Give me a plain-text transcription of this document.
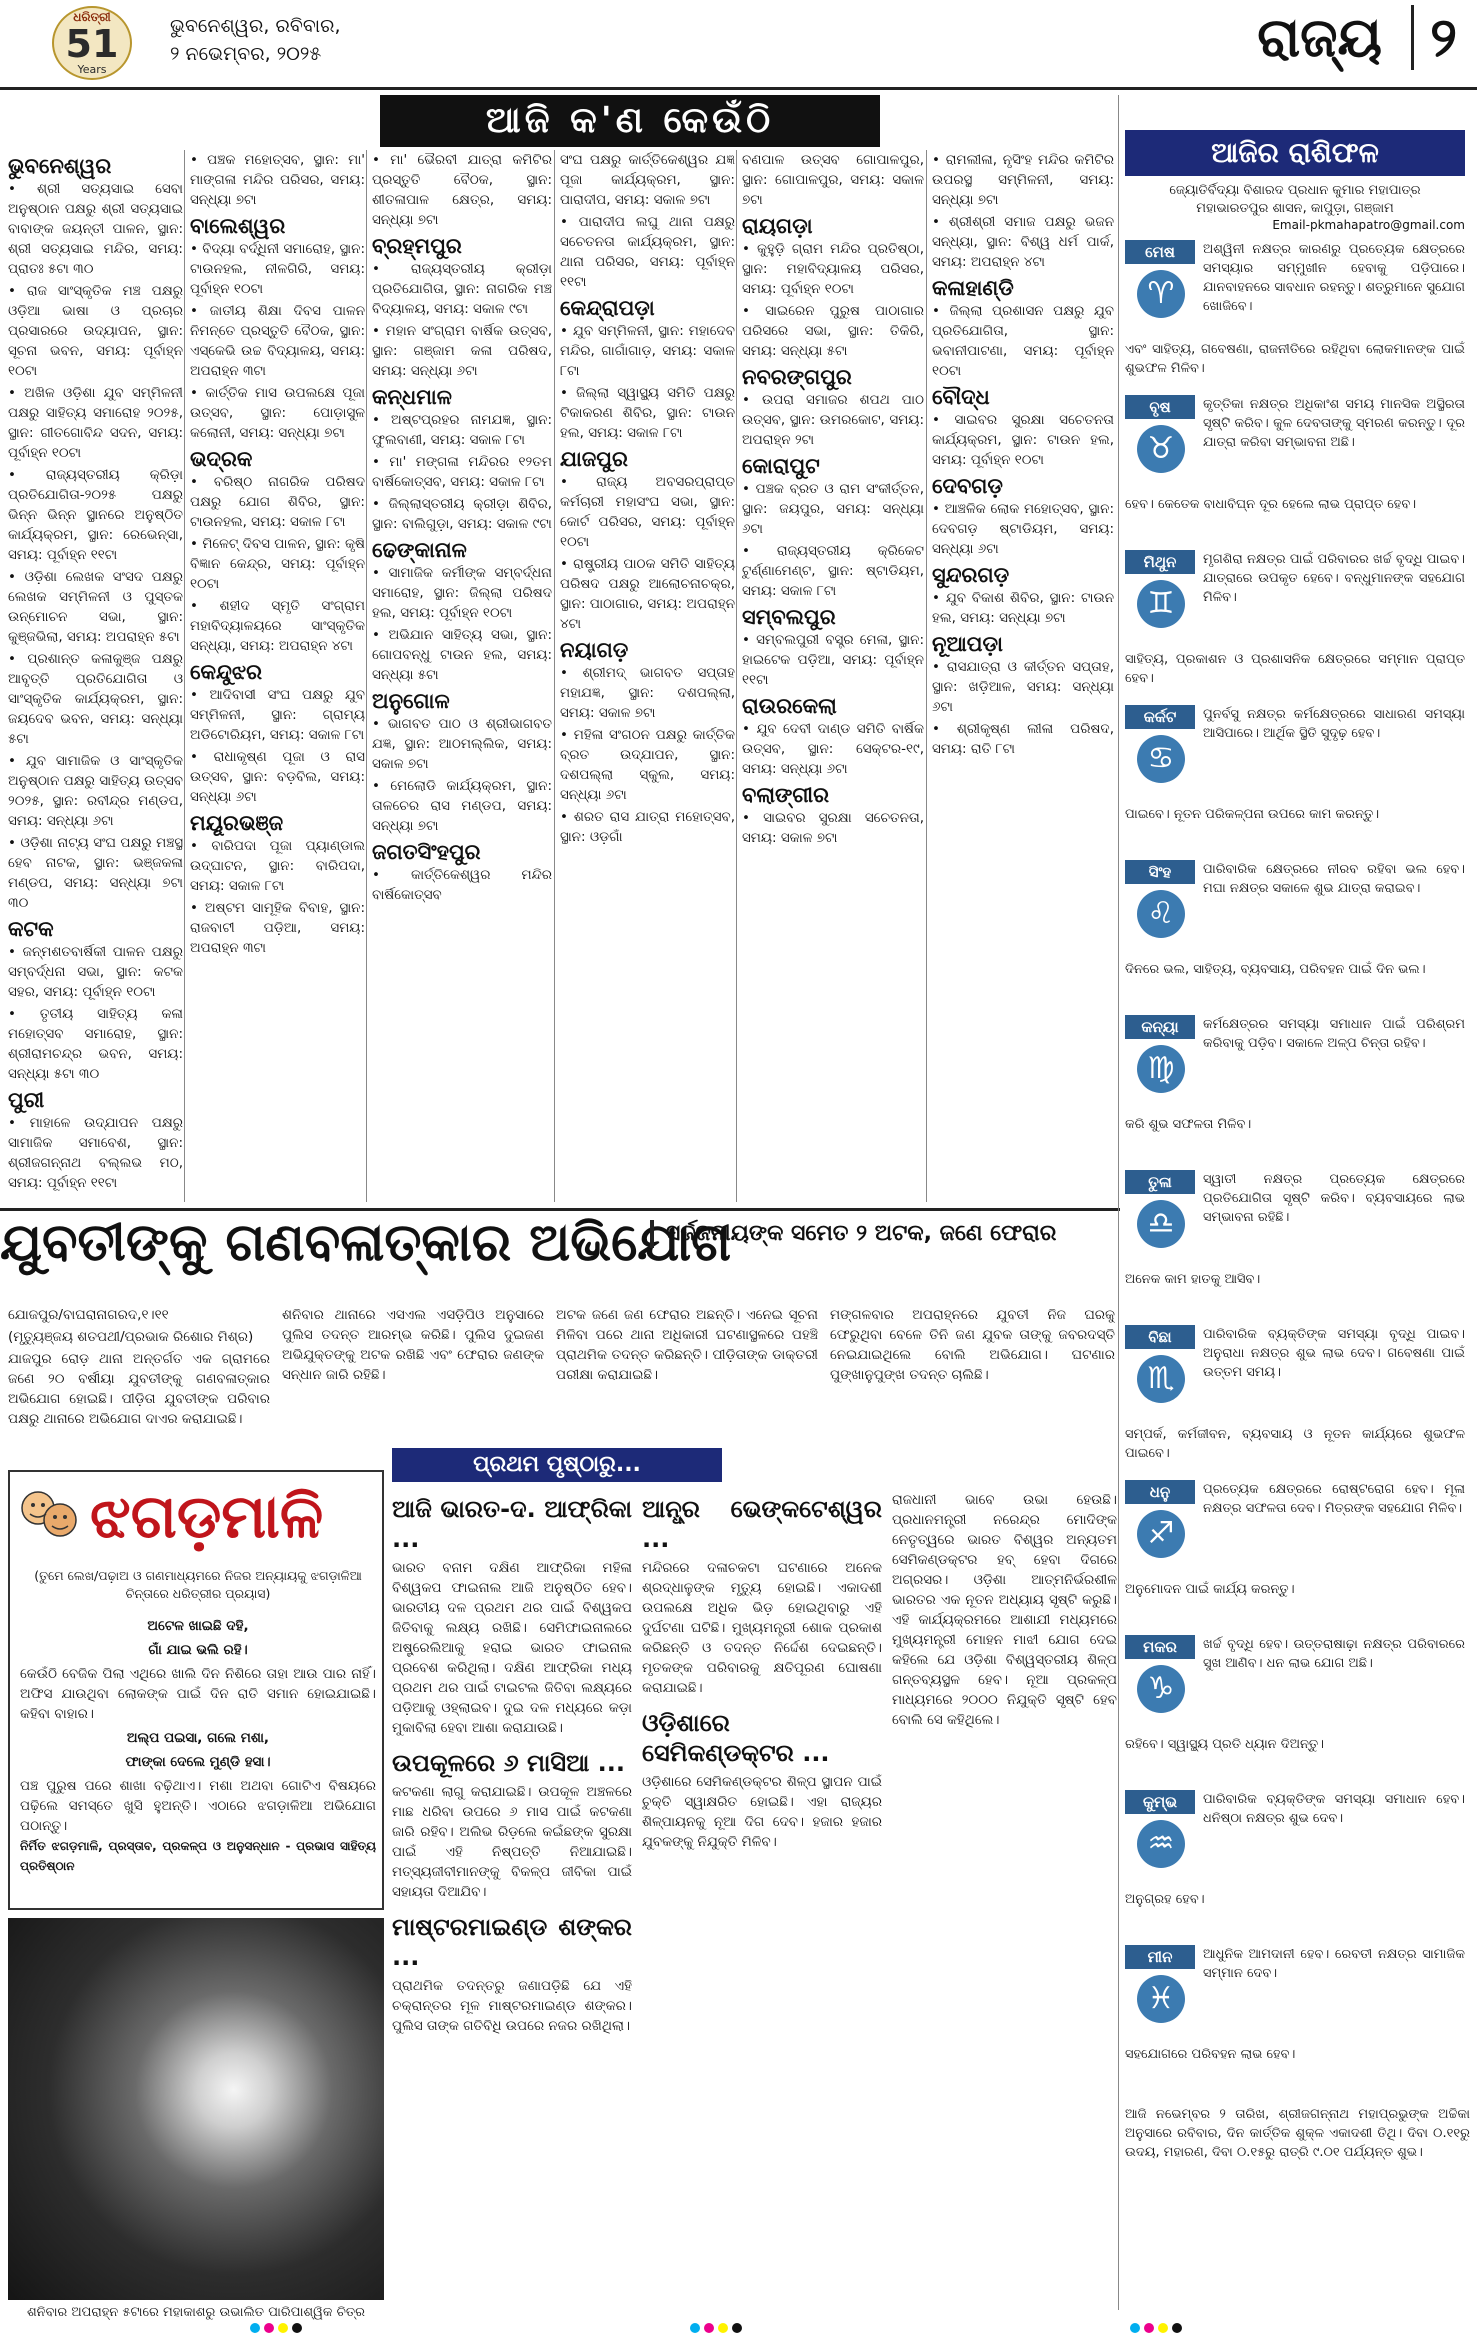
ଧରିତ୍ରୀ
51
Years
ଭୁବନେଶ୍ୱର, ରବିବାର,
୨ ନଭେମ୍ବର, ୨୦୨୫	ରାଜ୍ୟ ୨
ଆଜି କ'ଣ କେଉଁଠି
ଭୁବନେଶ୍ୱର

• ଶ୍ରୀ ସତ୍ୟସାଇ ସେବା ଅନୁଷ୍ଠାନ ପକ୍ଷରୁ ଶ୍ରୀ ସତ୍ୟସାଇ ବାବାଙ୍କ ଜୟନ୍ତୀ ପାଳନ, ସ୍ଥାନ: ଶ୍ରୀ ସତ୍ୟସାଇ ମନ୍ଦିର, ସମୟ: ପ୍ରାତଃ ୫ଟା ୩୦

• ରାଜ ସାଂସ୍କୃତିକ ମଞ୍ଚ ପକ୍ଷରୁ ଓଡ଼ିଆ ଭାଷା ଓ ପ୍ରଚାର ପ୍ରସାରରେ ଉଦ୍ୟାପନ, ସ୍ଥାନ: ସୂଚନା ଭବନ, ସମୟ: ପୂର୍ବାହ୍ନ ୧୦ଟା

• ଅଖିଳ ଓଡ଼ିଶା ଯୁବ ସମ୍ମିଳନୀ ପକ୍ଷରୁ ସାହିତ୍ୟ ସମାରୋହ ୨୦୨୫, ସ୍ଥାନ: ଗୀତଗୋବିନ୍ଦ ସଦନ, ସମୟ: ପୂର୍ବାହ୍ନ ୧୦ଟା

• ରାଜ୍ୟସ୍ତରୀୟ କ୍ରିଡ଼ା ପ୍ରତିଯୋଗିତା-୨୦୨୫ ପକ୍ଷରୁ ଭିନ୍ନ ଭିନ୍ନ ସ୍ଥାନରେ ଅନୁଷ୍ଠିତ କାର୍ଯ୍ୟକ୍ରମ, ସ୍ଥାନ: ରେଭେନ୍ସା, ସମୟ: ପୂର୍ବାହ୍ନ ୧୧ଟା

• ଓଡ଼ିଶା ଲେଖକ ସଂସଦ ପକ୍ଷରୁ ଲେଖକ ସମ୍ମିଳନୀ ଓ ପୁସ୍ତକ ଉନ୍ମୋଚନ ସଭା, ସ୍ଥାନ: କୁଞ୍ଜଭିଲା, ସମୟ: ଅପରାହ୍ନ ୫ଟା

• ପ୍ରଶାନ୍ତ କଳାକୁଞ୍ଜ ପକ୍ଷରୁ ଆବୃତ୍ତି ପ୍ରତିଯୋଗିତା ଓ ସାଂସ୍କୃତିକ କାର୍ଯ୍ୟକ୍ରମ, ସ୍ଥାନ: ଜୟଦେବ ଭବନ, ସମୟ: ସନ୍ଧ୍ୟା ୫ଟା

• ଯୁବ ସାମାଜିକ ଓ ସାଂସ୍କୃତିକ ଅନୁଷ୍ଠାନ ପକ୍ଷରୁ ସାହିତ୍ୟ ଉତ୍ସବ ୨୦୨୫, ସ୍ଥାନ: ରବୀନ୍ଦ୍ର ମଣ୍ଡପ, ସମୟ: ସନ୍ଧ୍ୟା ୬ଟା

• ଓଡ଼ିଶା ନାଟ୍ୟ ସଂଘ ପକ୍ଷରୁ ମଞ୍ଚସ୍ଥ ହେବ ନାଟକ, ସ୍ଥାନ: ଭଞ୍ଜକଳା ମଣ୍ଡପ, ସମୟ: ସନ୍ଧ୍ୟା ୭ଟା ୩୦

କଟକ

• ଜନ୍ମଶତବାର୍ଷିକୀ ପାଳନ ପକ୍ଷରୁ ସମ୍ବର୍ଦ୍ଧନା ସଭା, ସ୍ଥାନ: କଟକ ସହର, ସମୟ: ପୂର୍ବାହ୍ନ ୧୦ଟା

• ତୃତୀୟ ସାହିତ୍ୟ କଳା ମହୋତ୍ସବ ସମାରୋହ, ସ୍ଥାନ: ଶ୍ରୀରାମଚନ୍ଦ୍ର ଭବନ, ସମୟ: ସନ୍ଧ୍ୟା ୫ଟା ୩୦

ପୁରୀ

• ମାହାଳେ ଉଦ୍‌ଯାପନ ପକ୍ଷରୁ ସାମାଜିକ ସମାବେଶ, ସ୍ଥାନ: ଶ୍ରୀଜଗନ୍ନାଥ ବଲ୍ଲଭ ମଠ, ସମୟ: ପୂର୍ବାହ୍ନ ୧୧ଟା

• ପଞ୍ଚକ ମହୋତ୍ସବ, ସ୍ଥାନ: ମା' ମାଙ୍ଗଳା ମନ୍ଦିର ପରିସର, ସମୟ: ସନ୍ଧ୍ୟା ୭ଟା

ବାଲେଶ୍ୱର

• ବିଦ୍ୟା ବର୍ଦ୍ଧିନୀ ସମାରୋହ, ସ୍ଥାନ: ଟାଉନହଲ, ନୀଳଗିରି, ସମୟ: ପୂର୍ବାହ୍ନ ୧୦ଟା

• ଜାତୀୟ ଶିକ୍ଷା ଦିବସ ପାଳନ ନିମନ୍ତେ ପ୍ରସ୍ତୁତି ବୈଠକ, ସ୍ଥାନ: ଏସ୍‌କେଭି ଉଚ୍ଚ ବିଦ୍ୟାଳୟ, ସମୟ: ଅପରାହ୍ନ ୩ଟା

• କାର୍ତ୍ତିକ ମାସ ଉପଲକ୍ଷେ ପୂଜା ଉତ୍ସବ, ସ୍ଥାନ: ପୋଡ଼ାସୁଳ କଲୋନୀ, ସମୟ: ସନ୍ଧ୍ୟା ୭ଟା

ଭଦ୍ରକ

• ବରିଷ୍ଠ ନାଗରିକ ପରିଷଦ ପକ୍ଷରୁ ଯୋଗ ଶିବିର, ସ୍ଥାନ: ଟାଉନହଲ, ସମୟ: ସକାଳ ୮ଟା

• ମିଳେଟ୍ ଦିବସ ପାଳନ, ସ୍ଥାନ: କୃଷି ବିଜ୍ଞାନ କେନ୍ଦ୍ର, ସମୟ: ପୂର୍ବାହ୍ନ ୧୦ଟା

• ଶହୀଦ ସ୍ମୃତି ସଂଗ୍ରାମ ମହାବିଦ୍ୟାଳୟରେ ସାଂସ୍କୃତିକ ସନ୍ଧ୍ୟା, ସମୟ: ଅପରାହ୍ନ ୪ଟା

କେନ୍ଦୁଝର

• ଆଦିବାସୀ ସଂଘ ପକ୍ଷରୁ ଯୁବ ସମ୍ମିଳନୀ, ସ୍ଥାନ: ଗ୍ରାମ୍ୟ ଅଡିଟୋରିୟମ, ସମୟ: ସକାଳ ୮ଟା

• ରାଧାକୃଷ୍ଣ ପୂଜା ଓ ରାସ ଉତ୍ସବ, ସ୍ଥାନ: ବଡ଼ବିଲ, ସମୟ: ସନ୍ଧ୍ୟା ୬ଟା

ମୟୂରଭଞ୍ଜ

• ବାରିପଦା ପୂଜା ପ୍ୟାଣ୍ଡାଲ ଉଦ୍‌ଘାଟନ, ସ୍ଥାନ: ବାରିପଦା, ସମୟ: ସକାଳ ୮ଟା

• ଅଷ୍ଟମ ସାମୂହିକ ବିବାହ, ସ୍ଥାନ: ରାଜବାଟୀ ପଡ଼ିଆ, ସମୟ: ଅପରାହ୍ନ ୩ଟା

• ମା' ଭୈରବୀ ଯାତ୍ରା କମିଟିର ପ୍ରସ୍ତୁତି ବୈଠକ, ସ୍ଥାନ: ଶୀତଳାପାଳ କ୍ଷେତ୍ର, ସମୟ: ସନ୍ଧ୍ୟା ୭ଟା

ବ୍ରହ୍ମପୁର

• ରାଜ୍ୟସ୍ତରୀୟ କ୍ରୀଡ଼ା ପ୍ରତିଯୋଗିତା, ସ୍ଥାନ: ନାଗରିକ ମଞ୍ଚ ବିଦ୍ୟାଳୟ, ସମୟ: ସକାଳ ୯ଟା

• ମହାନ ସଂଗ୍ରାମ ବାର୍ଷିକ ଉତ୍ସବ, ସ୍ଥାନ: ଗଞ୍ଜାମ କଳା ପରିଷଦ, ସମୟ: ସନ୍ଧ୍ୟା ୬ଟା

କନ୍ଧମାଳ

• ଅଷ୍ଟପ୍ରହର ନାମଯଜ୍ଞ, ସ୍ଥାନ: ଫୁଲବାଣୀ, ସମୟ: ସକାଳ ୮ଟା

• ମା' ମଙ୍ଗଳା ମନ୍ଦିରର ୧୨ତମ ବାର୍ଷିକୋତ୍ସବ, ସମୟ: ସକାଳ ୮ଟା

• ଜିଲ୍ଲାସ୍ତରୀୟ କ୍ରୀଡ଼ା ଶିବିର, ସ୍ଥାନ: ବାଲିଗୁଡ଼ା, ସମୟ: ସକାଳ ୯ଟା

ଢେଙ୍କାନାଳ

• ସାମାଜିକ କର୍ମୀଙ୍କ ସମ୍ବର୍ଦ୍ଧନା ସମାରୋହ, ସ୍ଥାନ: ଜିଲ୍ଲା ପରିଷଦ ହଲ, ସମୟ: ପୂର୍ବାହ୍ନ ୧୦ଟା

• ଅଭିଯାନ ସାହିତ୍ୟ ସଭା, ସ୍ଥାନ: ଗୋପବନ୍ଧୁ ଟାଉନ ହଲ, ସମୟ: ସନ୍ଧ୍ୟା ୫ଟା

ଅନୁଗୋଳ

• ଭାଗବତ ପାଠ ଓ ଶ୍ରୀଭାଗବତ ଯଜ୍ଞ, ସ୍ଥାନ: ଆଠମଲ୍ଲିକ, ସମୟ: ସକାଳ ୭ଟା

• ମେଲୋଡି କାର୍ଯ୍ୟକ୍ରମ, ସ୍ଥାନ: ତାଳଚେର ରାସ ମଣ୍ଡପ, ସମୟ: ସନ୍ଧ୍ୟା ୭ଟା

ଜଗତସିଂହପୁର

• କାର୍ତ୍ତିକେଶ୍ୱର ମନ୍ଦିର ବାର୍ଷିକୋତ୍ସବ

ସଂଘ ପକ୍ଷରୁ କାର୍ତ୍ତିକେଶ୍ୱର ଯଜ୍ଞ ପୂଜା କାର୍ଯ୍ୟକ୍ରମ, ସ୍ଥାନ: ପାରାଦୀପ, ସମୟ: ସକାଳ ୭ଟା

• ପାରାଦୀପ ଲଘୁ ଥାନା ପକ୍ଷରୁ ସଚେତନତା କାର୍ଯ୍ୟକ୍ରମ, ସ୍ଥାନ: ଥାନା ପରିସର, ସମୟ: ପୂର୍ବାହ୍ନ ୧୧ଟା

କେନ୍ଦ୍ରାପଡ଼ା

• ଯୁବ ସମ୍ମିଳନୀ, ସ୍ଥାନ: ମହାଦେବ ମନ୍ଦିର, ଗାଗାଁଗାଡ଼, ସମୟ: ସକାଳ ୮ଟା

• ଜିଲ୍ଲା ସ୍ୱାସ୍ଥ୍ୟ ସମିତି ପକ୍ଷରୁ ଟିକାକରଣ ଶିବିର, ସ୍ଥାନ: ଟାଉନ ହଲ, ସମୟ: ସକାଳ ୮ଟା

ଯାଜପୁର

• ରାଜ୍ୟ ଅବସରପ୍ରାପ୍ତ କର୍ମଚାରୀ ମହାସଂଘ ସଭା, ସ୍ଥାନ: କୋର୍ଟ ପରିସର, ସମୟ: ପୂର୍ବାହ୍ନ ୧୦ଟା

• ରାଷ୍ଟ୍ରୀୟ ପାଠକ ସମିତି ସାହିତ୍ୟ ପରିଷଦ ପକ୍ଷରୁ ଆଲୋଚନାଚକ୍ର, ସ୍ଥାନ: ପାଠାଗାର, ସମୟ: ଅପରାହ୍ନ ୪ଟା

ନୟାଗଡ଼

• ଶ୍ରୀମଦ୍ ଭାଗବତ ସପ୍ତାହ ମହାଯଜ୍ଞ, ସ୍ଥାନ: ଦଶପଲ୍ଲା, ସମୟ: ସକାଳ ୭ଟା

• ମହିଳା ସଂଗଠନ ପକ୍ଷରୁ କାର୍ତ୍ତିକ ବ୍ରତ ଉଦ୍‌ଯାପନ, ସ୍ଥାନ: ଦଶପଲ୍ଲା ସ୍କୁଲ, ସମୟ: ସନ୍ଧ୍ୟା ୬ଟା

• ଶରତ ରାସ ଯାତ୍ରା ମହୋତ୍ସବ, ସ୍ଥାନ: ଓଡ଼ଗାଁ

ବଣପାଳ ଉତ୍ସବ ଗୋପାଳପୁର, ସ୍ଥାନ: ଗୋପାଳପୁର, ସମୟ: ସକାଳ ୭ଟା

ରାୟଗଡ଼ା

• କୁହୁଡ଼ି ଗ୍ରାମ ମନ୍ଦିର ପ୍ରତିଷ୍ଠା, ସ୍ଥାନ: ମହାବିଦ୍ୟାଳୟ ପରିସର, ସମୟ: ପୂର୍ବାହ୍ନ ୧୦ଟା

• ସାଇରେନ ପୁରୁଷ ପାଠାଗାର ପରିସରେ ସଭା, ସ୍ଥାନ: ତିକିରି, ସମୟ: ସନ୍ଧ୍ୟା ୫ଟା

ନବରଙ୍ଗପୁର

• ଉପରା ସମାଜର ଶପଥ ପାଠ ଉତ୍ସବ, ସ୍ଥାନ: ଉମରକୋଟ, ସମୟ: ଅପରାହ୍ନ ୨ଟା

କୋରାପୁଟ

• ପଞ୍ଚକ ବ୍ରତ ଓ ରାମ ସଂକୀର୍ତ୍ତନ, ସ୍ଥାନ: ଜୟପୁର, ସମୟ: ସନ୍ଧ୍ୟା ୬ଟା

• ରାଜ୍ୟସ୍ତରୀୟ କ୍ରିକେଟ ଟୁର୍ଣ୍ଣାମେଣ୍ଟ, ସ୍ଥାନ: ଷ୍ଟାଡିୟମ, ସମୟ: ସକାଳ ୮ଟା

ସମ୍ବଲପୁର

• ସମ୍ବଲପୁରୀ ବସ୍ତ୍ର ମେଳା, ସ୍ଥାନ: ହାଇଟେକ ପଡ଼ିଆ, ସମୟ: ପୂର୍ବାହ୍ନ ୧୧ଟା

ରାଉରକେଲା

• ଯୁବ ଦେବୀ ଦାଣ୍ଡ ସମିତି ବାର୍ଷିକ ଉତ୍ସବ, ସ୍ଥାନ: ସେକ୍ଟର-୧୯, ସମୟ: ସନ୍ଧ୍ୟା ୬ଟା

ବଲାଙ୍ଗୀର

• ସାଇବର ସୁରକ୍ଷା ସଚେତନତା, ସମୟ: ସକାଳ ୭ଟା

• ରାମଲୀଳା, ନୃସିଂହ ମନ୍ଦିର କମିଟିର ଉପରସ୍ଥ ସମ୍ମିଳନୀ, ସମୟ: ସନ୍ଧ୍ୟା ୭ଟା

• ଶ୍ରୀଶ୍ରୀ ସମାଜ ପକ୍ଷରୁ ଭଜନ ସନ୍ଧ୍ୟା, ସ୍ଥାନ: ବିଶ୍ୱ ଧର୍ମ ପାର୍କ, ସମୟ: ଅପରାହ୍ନ ୪ଟା

କଳାହାଣ୍ଡି

• ଜିଲ୍ଲା ପ୍ରଶାସନ ପକ୍ଷରୁ ଯୁବ ପ୍ରତିଯୋଗିତା, ସ୍ଥାନ: ଭବାନୀପାଟଣା, ସମୟ: ପୂର୍ବାହ୍ନ ୧୦ଟା

ବୌଦ୍ଧ

• ସାଇବର ସୁରକ୍ଷା ସଚେତନତା କାର୍ଯ୍ୟକ୍ରମ, ସ୍ଥାନ: ଟାଉନ ହଲ, ସମୟ: ପୂର୍ବାହ୍ନ ୧୦ଟା

ଦେବଗଡ଼

• ଆଞ୍ଚଳିକ ଲୋକ ମହୋତ୍ସବ, ସ୍ଥାନ: ଦେବଗଡ଼ ଷ୍ଟାଡିୟମ, ସମୟ: ସନ୍ଧ୍ୟା ୬ଟା

ସୁନ୍ଦରଗଡ଼

• ଯୁବ ବିକାଶ ଶିବିର, ସ୍ଥାନ: ଟାଉନ ହଲ, ସମୟ: ସନ୍ଧ୍ୟା ୭ଟା

ନୂଆପଡ଼ା

• ରାସଯାତ୍ରା ଓ କୀର୍ତ୍ତନ ସପ୍ତାହ, ସ୍ଥାନ: ଖଡ଼ିଆଳ, ସମୟ: ସନ୍ଧ୍ୟା ୬ଟା

• ଶ୍ରୀକୃଷ୍ଣ ଲୀଳା ପରିଷଦ, ସମୟ: ରାତି ୮ଟା

ଆଜିର ରାଶିଫଳ
ଜ୍ୟୋତିର୍ବିଦ୍ୟା ବିଶାରଦ ପ୍ରଧାନ କୁମାର ମହାପାତ୍ର
ମହାଭାରତପୁର ଶାସନ, କାପୁଡ଼ା, ଗଞ୍ଜାମ
Email-pkmahapatro@gmail.com
ମେଷ
♈
ଅଶ୍ୱିନୀ ନକ୍ଷତ୍ର କାରଣରୁ ପ୍ରତ୍ୟେକ କ୍ଷେତ୍ରରେ ସମସ୍ୟାର ସମ୍ମୁଖୀନ ହେବାକୁ ପଡ଼ିପାରେ। ଯାନବାହନରେ ସାବଧାନ ରହନ୍ତୁ। ଶତ୍ରୁମାନେ ସୁଯୋଗ ଖୋଜିବେ।
ଏବଂ ସାହିତ୍ୟ, ଗବେଷଣା, ରାଜନୀତିରେ ରହିଥିବା ଲୋକମାନଙ୍କ ପାଇଁ ଶୁଭଫଳ ମିଳିବ।
ବୃଷ
♉
କୃତ୍ତିକା ନକ୍ଷତ୍ର ଅଧିକାଂଶ ସମୟ ମାନସିକ ଅସ୍ଥିରତା ସୃଷ୍ଟି କରିବ। କୁଳ ଦେବତାଙ୍କୁ ସ୍ମରଣ କରନ୍ତୁ। ଦୂର ଯାତ୍ରା କରିବା ସମ୍ଭାବନା ଅଛି।
ହେବ। କେତେକ ବାଧାବିଘ୍ନ ଦୂର ହେଲେ ଲାଭ ପ୍ରାପ୍ତ ହେବ।
ମିଥୁନ
♊
ମୃଗଶିରା ନକ୍ଷତ୍ର ପାଇଁ ପରିବାରର ଖର୍ଚ୍ଚ ବୃଦ୍ଧି ପାଇବ। ଯାତ୍ରାରେ ଉପକୃତ ହେବେ। ବନ୍ଧୁମାନଙ୍କ ସହଯୋଗ ମିଳିବ।
ସାହିତ୍ୟ, ପ୍ରକାଶନ ଓ ପ୍ରଶାସନିକ କ୍ଷେତ୍ରରେ ସମ୍ମାନ ପ୍ରାପ୍ତ ହେବ।
କର୍କଟ
♋
ପୁନର୍ବସୁ ନକ୍ଷତ୍ର କର୍ମକ୍ଷେତ୍ରରେ ସାଧାରଣ ସମସ୍ୟା ଆସିପାରେ। ଆର୍ଥିକ ସ୍ଥିତି ସୁଦୃଢ଼ ହେବ।
ପାଇବେ। ନୂତନ ପରିକଳ୍ପନା ଉପରେ କାମ କରନ୍ତୁ।
ସିଂହ
♌
ପାରିବାରିକ କ୍ଷେତ୍ରରେ ନୀରବ ରହିବା ଭଲ ହେବ। ମଘା ନକ୍ଷତ୍ର ସକାଳେ ଶୁଭ ଯାତ୍ରା କରାଇବ।
ଦିନରେ ଭଲ, ସାହିତ୍ୟ, ବ୍ୟବସାୟ, ପରିବହନ ପାଇଁ ଦିନ ଭଲ।
କନ୍ୟା
♍
କର୍ମକ୍ଷେତ୍ରର ସମସ୍ୟା ସମାଧାନ ପାଇଁ ପରିଶ୍ରମ କରିବାକୁ ପଡ଼ିବ। ସକାଳେ ଅଳ୍ପ ଚିନ୍ତା ରହିବ।
କରି ଶୁଭ ସଫଳତା ମିଳିବ।
ତୁଳା
♎
ସ୍ୱାତୀ ନକ୍ଷତ୍ର ପ୍ରତ୍ୟେକ କ୍ଷେତ୍ରରେ ପ୍ରତିଯୋଗିତା ସୃଷ୍ଟି କରିବ। ବ୍ୟବସାୟରେ ଲାଭ ସମ୍ଭାବନା ରହିଛି।
ଅନେକ କାମ ହାତକୁ ଆସିବ।
ବିଛା
♏
ପାରିବାରିକ ବ୍ୟକ୍ତିଙ୍କ ସମସ୍ୟା ବୃଦ୍ଧି ପାଇବ। ଅନୁରାଧା ନକ୍ଷତ୍ର ଶୁଭ ଲାଭ ଦେବ। ଗବେଷଣା ପାଇଁ ଉତ୍ତମ ସମୟ।
ସମ୍ପର୍କ, କର୍ମଜୀବନ, ବ୍ୟବସାୟ ଓ ନୂତନ କାର୍ଯ୍ୟରେ ଶୁଭଫଳ ପାଇବେ।
ଧନୁ
♐
ପ୍ରତ୍ୟେକ କ୍ଷେତ୍ରରେ ରୋଷ୍ଟରୋଗ ହେବ। ମୂଳା ନକ୍ଷତ୍ର ସଫଳତା ଦେବ। ମିତ୍ରଙ୍କ ସହଯୋଗ ମିଳିବ।
ଅନୁମୋଦନ ପାଇଁ କାର୍ଯ୍ୟ କରନ୍ତୁ।
ମକର
♑
ଖର୍ଚ୍ଚ ବୃଦ୍ଧି ହେବ। ଉତ୍ତରାଷାଢ଼ା ନକ୍ଷତ୍ର ପରିବାରରେ ସୁଖ ଆଣିବ। ଧନ ଲାଭ ଯୋଗ ଅଛି।
ରହିବେ। ସ୍ୱାସ୍ଥ୍ୟ ପ୍ରତି ଧ୍ୟାନ ଦିଅନ୍ତୁ।
କୁମ୍ଭ
♒
ପାରିବାରିକ ବ୍ୟକ୍ତିଙ୍କ ସମସ୍ୟା ସମାଧାନ ହେବ। ଧନିଷ୍ଠା ନକ୍ଷତ୍ର ଶୁଭ ଦେବ।
ଅନୁଗ୍ରହ ହେବ।
ମୀନ
♓
ଆଧୁନିକ ଆମଦାନୀ ହେବ। ରେବତୀ ନକ୍ଷତ୍ର ସାମାଜିକ ସମ୍ମାନ ଦେବ।
ସହଯୋଗରେ ପରିବହନ ଲାଭ ହେବ।
ଆଜି ନଭେମ୍ବର ୨ ତାରିଖ, ଶ୍ରୀଜଗନ୍ନାଥ ମହାପ୍ରଭୁଙ୍କ ଅଚ୍ଚିକା ଅନୁସାରେ ରବିବାର, ଦିନ କାର୍ତ୍ତିକ ଶୁକ୍ଳ ଏକାଦଶୀ ତିଥି। ଦିବା ୦.୧୧ରୁ ଉଦୟ, ମହାରଣ, ଦିବା ୦.୧୫ରୁ ରାତ୍ରି ୯.୦୧ ପର୍ଯ୍ୟନ୍ତ ଶୁଭ।
ଯୁବତୀଙ୍କୁ ଗଣବଳାତ୍କାର ଅଭିଯୋଗ
ସର୍ଜ୍ଜନୀୟଙ୍କ ସମେତ ୨ ଅଟକ, ଜଣେ ଫେରାର

ଯୋଜପୁର/ବାଘରାନାଗରଦ,୧।୧୧

(ମୃତ୍ୟୁଞ୍ଜୟ ଶତପଥୀ/ପ୍ରଭାକ ରିଶୋର ମିଶ୍ର)

ଯାଜପୁର ରୋଡ଼ ଥାନା ଅନ୍ତର୍ଗତ ଏକ ଗ୍ରାମରେ ଜଣେ ୨୦ ବର୍ଷୀୟା ଯୁବତୀଙ୍କୁ ଗଣବଳାତ୍କାର ଅଭିଯୋଗ ହୋଇଛି। ପୀଡ଼ିତା ଯୁବତୀଙ୍କ ପରିବାର ପକ୍ଷରୁ ଥାନାରେ ଅଭିଯୋଗ ଦାଏର କରାଯାଇଛି।

ଶନିବାର ଥାନାରେ ଏସଏଲ ଏସଡ଼ିପିଓ ଅନୁସାରେ ପୁଲିସ ତଦନ୍ତ ଆରମ୍ଭ କରିଛି। ପୁଲିସ ଦୁଇଜଣ ଅଭିଯୁକ୍ତଙ୍କୁ ଅଟକ ରଖିଛି ଏବଂ ଫେରାର ଜଣଙ୍କ ସନ୍ଧାନ ଜାରି ରହିଛି।

ଅଟକ ଜଣେ ଜଣ ଫେରାର ଅଛନ୍ତି। ଏନେଇ ସୂଚନା ମିଳିବା ପରେ ଥାନା ଅଧିକାରୀ ଘଟଣାସ୍ଥଳରେ ପହଞ୍ଚି ପ୍ରାଥମିକ ତଦନ୍ତ କରିଛନ୍ତି। ପୀଡ଼ିତାଙ୍କ ଡାକ୍ତରୀ ପରୀକ୍ଷା କରାଯାଇଛି।

ମଙ୍ଗଳବାର ଅପରାହ୍ନରେ ଯୁବତୀ ନିଜ ଘରକୁ ଫେରୁଥିବା ବେଳେ ତିନି ଜଣ ଯୁବକ ତାଙ୍କୁ ଜବରଦସ୍ତି ନେଇଯାଇଥିଲେ ବୋଲି ଅଭିଯୋଗ। ଘଟଣାର ପୁଙ୍ଖାନୁପୁଙ୍ଖ ତଦନ୍ତ ଚାଲିଛି।

ଝଗଡ଼ମାଳି
(ତୁମେ ଲେଖ/ପଢ଼ାଅ ଓ ଗଣମାଧ୍ୟମରେ ନିଜର ଅନ୍ୟାୟକୁ ଝଗଡ଼ାଳିଆ ଚିନ୍ତାରେ ଧରିତ୍ରୀର ପ୍ରୟାସ)
ଅଟେଳ ଖାଇଛି ଦହି,
ଗାଁ ଯାଇ ଭଲି ରହି।

କେଉଁଠି ବେଜିକ ପିଲା ଏଥିରେ ଖାଲି ଦିନ ନିଶିରେ ତାହା ଆଉ ପାର ନାହିଁ। ଅଫିସ ଯାଉଥିବା ଲୋକଙ୍କ ପାଇଁ ଦିନ ରାତି ସମାନ ହୋଇଯାଇଛି। କହିବା ବାହାର।

ଅଲ୍ପ ପଇସା, ଗଲେ ମଶା,
ଫାଙ୍କା ଦେଲେ ମୁଣ୍ଡି ହସା।

ପଞ୍ଚ ପୁରୁଷ ପରେ ଶାଖା ବଢ଼ିଥାଏ। ମଶା ଅଥବା ଗୋଟିଏ ବିଷୟରେ ପଢ଼ିଲେ ସମସ୍ତେ ଖୁସି ହୁଅନ୍ତି। ଏଠାରେ ଝଗଡ଼ାଳିଆ ଅଭିଯୋଗ ପଠାନ୍ତୁ।

ନିର୍ମିତ ଝଗଡ଼ମାଳି, ପ୍ରସ୍ତାବ, ପ୍ରକଳ୍ପ ଓ ଅନୁସନ୍ଧାନ - ପ୍ରଭାସ ସାହିତ୍ୟ ପ୍ରତିଷ୍ଠାନ

ଶନିବାର ଅପରାହ୍ନ ୫ଟାରେ ମହାକାଶରୁ ଉଭାଲିତ ପାରିପାଶ୍ୱିକ ଚିତ୍ର
ପ୍ରଥମ ପୃଷ୍ଠାରୁ...
ଆଜି ଭାରତ-ଦ. ଆଫ୍ରିକା ...

ଭାରତ ବନାମ ଦକ୍ଷିଣ ଆଫ୍ରିକା ମହିଳା ବିଶ୍ୱକପ ଫାଇନାଲ ଆଜି ଅନୁଷ୍ଠିତ ହେବ। ଭାରତୀୟ ଦଳ ପ୍ରଥମ ଥର ପାଇଁ ବିଶ୍ୱକପ ଜିତିବାକୁ ଲକ୍ଷ୍ୟ ରଖିଛି। ସେମିଫାଇନାଲରେ ଅଷ୍ଟ୍ରେଲିଆକୁ ହରାଇ ଭାରତ ଫାଇନାଲ ପ୍ରବେଶ କରିଥିଲା। ଦକ୍ଷିଣ ଆଫ୍ରିକା ମଧ୍ୟ ପ୍ରଥମ ଥର ପାଇଁ ଟାଇଟଲ ଜିତିବା ଲକ୍ଷ୍ୟରେ ପଡ଼ିଆକୁ ଓହ୍ଲାଇବ। ଦୁଇ ଦଳ ମଧ୍ୟରେ କଡ଼ା ମୁକାବିଲା ହେବା ଆଶା କରାଯାଉଛି।

ଉପକୂଳରେ ୬ ମାସିଆ ...

କଟକଣା ଲାଗୁ କରାଯାଇଛି। ଉପକୂଳ ଅଞ୍ଚଳରେ ମାଛ ଧରିବା ଉପରେ ୬ ମାସ ପାଇଁ କଟକଣା ଜାରି ରହିବ। ଅଲିଭ ରିଡ଼ଲେ କଇଁଛଙ୍କ ସୁରକ୍ଷା ପାଇଁ ଏହି ନିଷ୍ପତ୍ତି ନିଆଯାଇଛି। ମତ୍ସ୍ୟଜୀବୀମାନଙ୍କୁ ବିକଳ୍ପ ଜୀବିକା ପାଇଁ ସହାୟତା ଦିଆଯିବ।

ମାଷ୍ଟରମାଇଣ୍ଡ ଶଙ୍କର ...

ପ୍ରାଥମିକ ତଦନ୍ତରୁ ଜଣାପଡ଼ିଛି ଯେ ଏହି ଚକ୍ରାନ୍ତର ମୂଳ ମାଷ୍ଟରମାଇଣ୍ଡ ଶଙ୍କର। ପୁଲିସ ତାଙ୍କ ଗତିବିଧି ଉପରେ ନଜର ରଖିଥିଲା।

ଆନ୍ଧ୍ର ଭେଙ୍କଟେଶ୍ୱର ...

ମନ୍ଦିରରେ ଦଳାଚକଟା ଘଟଣାରେ ଅନେକ ଶ୍ରଦ୍ଧାଳୁଙ୍କ ମୃତ୍ୟୁ ହୋଇଛି। ଏକାଦଶୀ ଉପଲକ୍ଷେ ଅଧିକ ଭିଡ଼ ହୋଇଥିବାରୁ ଏହି ଦୁର୍ଘଟଣା ଘଟିଛି। ମୁଖ୍ୟମନ୍ତ୍ରୀ ଶୋକ ପ୍ରକାଶ କରିଛନ୍ତି ଓ ତଦନ୍ତ ନିର୍ଦ୍ଦେଶ ଦେଇଛନ୍ତି। ମୃତକଙ୍କ ପରିବାରକୁ କ୍ଷତିପୂରଣ ଘୋଷଣା କରାଯାଇଛି।

ଓଡ଼ିଶାରେ ସେମିକଣ୍ଡକ୍ଟର ...

ଓଡ଼ିଶାରେ ସେମିକଣ୍ଡକ୍ଟର ଶିଳ୍ପ ସ୍ଥାପନ ପାଇଁ ଚୁକ୍ତି ସ୍ୱାକ୍ଷରିତ ହୋଇଛି। ଏହା ରାଜ୍ୟର ଶିଳ୍ପାୟନକୁ ନୂଆ ଦିଗ ଦେବ। ହଜାର ହଜାର ଯୁବକଙ୍କୁ ନିଯୁକ୍ତି ମିଳିବ।

ରାଜଧାନୀ ଭାବେ ଉଭା ହେଉଛି। ପ୍ରଧାନମନ୍ତ୍ରୀ ନରେନ୍ଦ୍ର ମୋଦିଙ୍କ ନେତୃତ୍ୱରେ ଭାରତ ବିଶ୍ୱର ଅନ୍ୟତମ ସେମିକଣ୍ଡକ୍ଟର ହବ୍ ହେବା ଦିଗରେ ଅଗ୍ରସର। ଓଡ଼ିଶା ଆତ୍ମନିର୍ଭରଶୀଳ ଭାରତର ଏକ ନୂତନ ଅଧ୍ୟାୟ ସୃଷ୍ଟି କରୁଛି। ଏହି କାର୍ଯ୍ୟକ୍ରମରେ ଆଶାଯୀ ମଧ୍ୟମରେ ମୁଖ୍ୟମନ୍ତ୍ରୀ ମୋହନ ମାଝୀ ଯୋଗ ଦେଇ କହିଲେ ଯେ ଓଡ଼ିଶା ବିଶ୍ୱସ୍ତରୀୟ ଶିଳ୍ପ ଗନ୍ତବ୍ୟସ୍ଥଳ ହେବ। ନୂଆ ପ୍ରକଳ୍ପ ମାଧ୍ୟମରେ ୨୦୦୦ ନିଯୁକ୍ତି ସୃଷ୍ଟି ହେବ ବୋଲି ସେ କହିଥିଲେ।
